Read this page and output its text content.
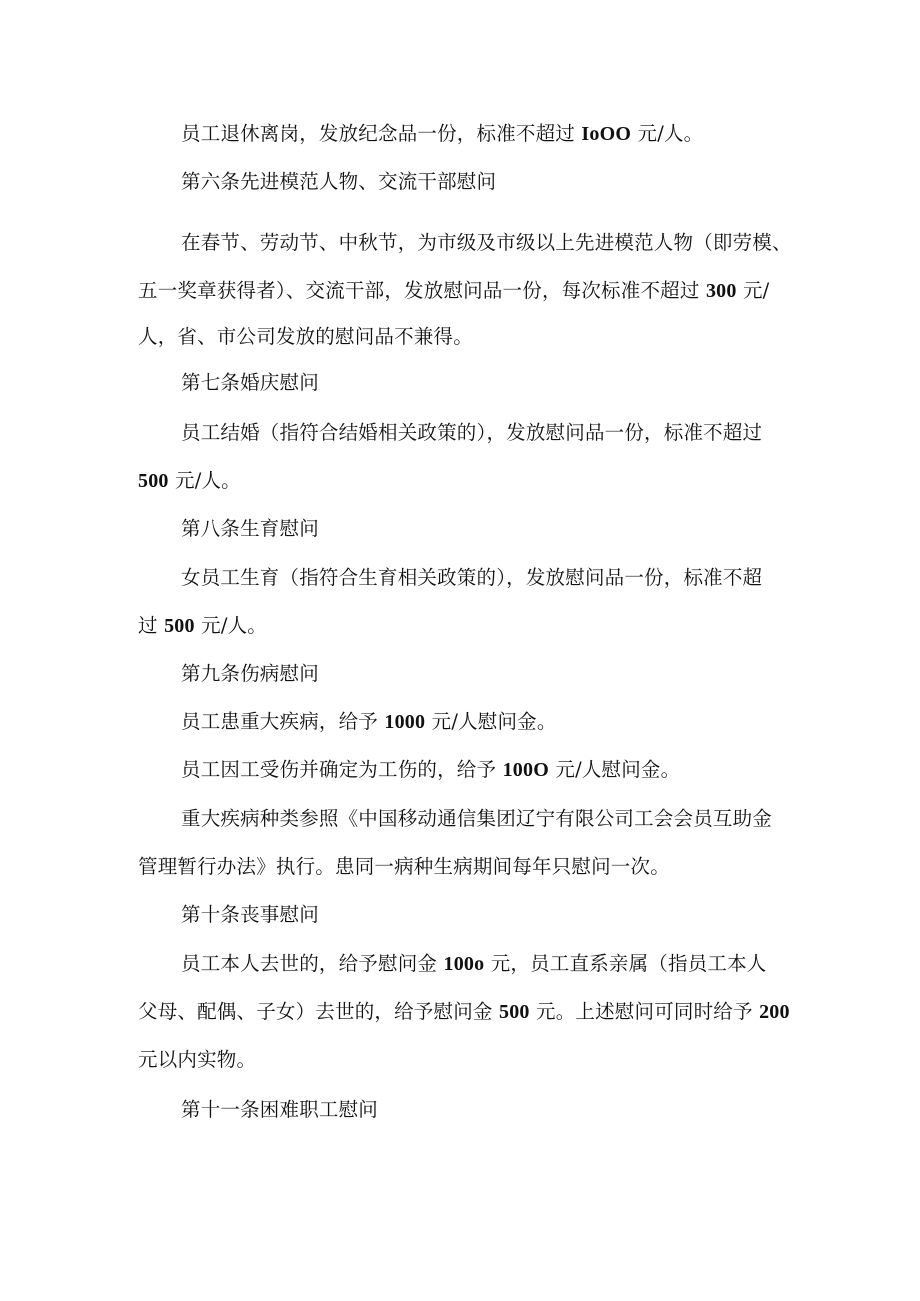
员工退休离岗，发放纪念品一份，标准不超过 IoOO 元/人。
第六条先进模范人物、交流干部慰问
在春节、劳动节、中秋节，为市级及市级以上先进模范人物（即劳模、
五一奖章获得者）、交流干部，发放慰问品一份，每次标准不超过 300 元/
人，省、市公司发放的慰问品不兼得。
第七条婚庆慰问
员工结婚（指符合结婚相关政策的），发放慰问品一份，标准不超过
500 元/人。
第八条生育慰问
女员工生育（指符合生育相关政策的），发放慰问品一份，标准不超
过 500 元/人。
第九条伤病慰问
员工患重大疾病，给予 1000 元/人慰问金。
员工因工受伤并确定为工伤的，给予 100O 元/人慰问金。
重大疾病种类参照《中国移动通信集团辽宁有限公司工会会员互助金
管理暂行办法》执行。患同一病种生病期间每年只慰问一次。
第十条丧事慰问
员工本人去世的，给予慰问金 100o 元，员工直系亲属（指员工本人
父母、配偶、子女）去世的，给予慰问金 500 元。上述慰问可同时给予 200
元以内实物。
第十一条困难职工慰问
